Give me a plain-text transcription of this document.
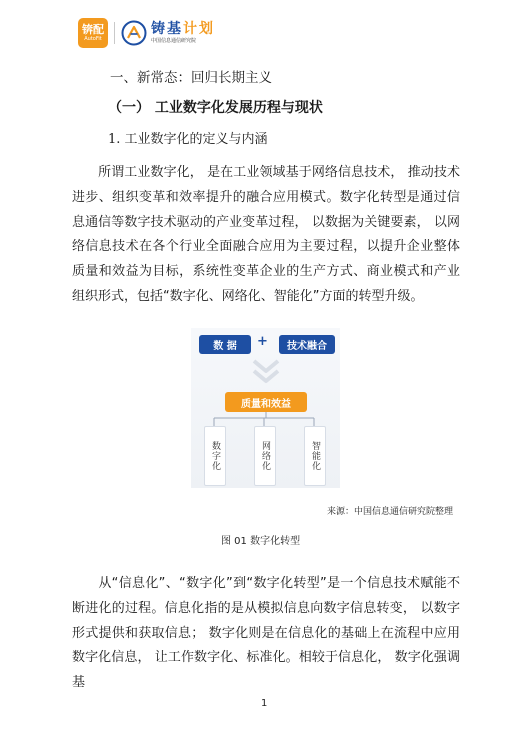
锛配
AutoFit
铸基计划
中国信息通信研究院
一、新常态：回归长期主义
（一） 工业数字化发展历程与现状
1. 工业数字化的定义与内涵
所谓工业数字化， 是在工业领域基于网络信息技术， 推动技术进步、组织变革和效率提升的融合应用模式。数字化转型是通过信息通信等数字技术驱动的产业变革过程， 以数据为关键要素， 以网络信息技术在各个行业全面融合应用为主要过程，以提升企业整体质量和效益为目标，系统性变革企业的生产方式、商业模式和产业组织形式，包括“数字化、网络化、智能化”方面的转型升级。
数 据	+	技术融合
质量和效益
数字化	网络化	智能化
来源：中国信息通信研究院整理
图 01 数字化转型
从“信息化”、“数字化”到“数字化转型”是一个信息技术赋能不断进化的过程。信息化指的是从模拟信息向数字信息转变， 以数字形式提供和获取信息； 数字化则是在信息化的基础上在流程中应用数字化信息， 让工作数字化、标准化。相较于信息化， 数字化强调基
1
